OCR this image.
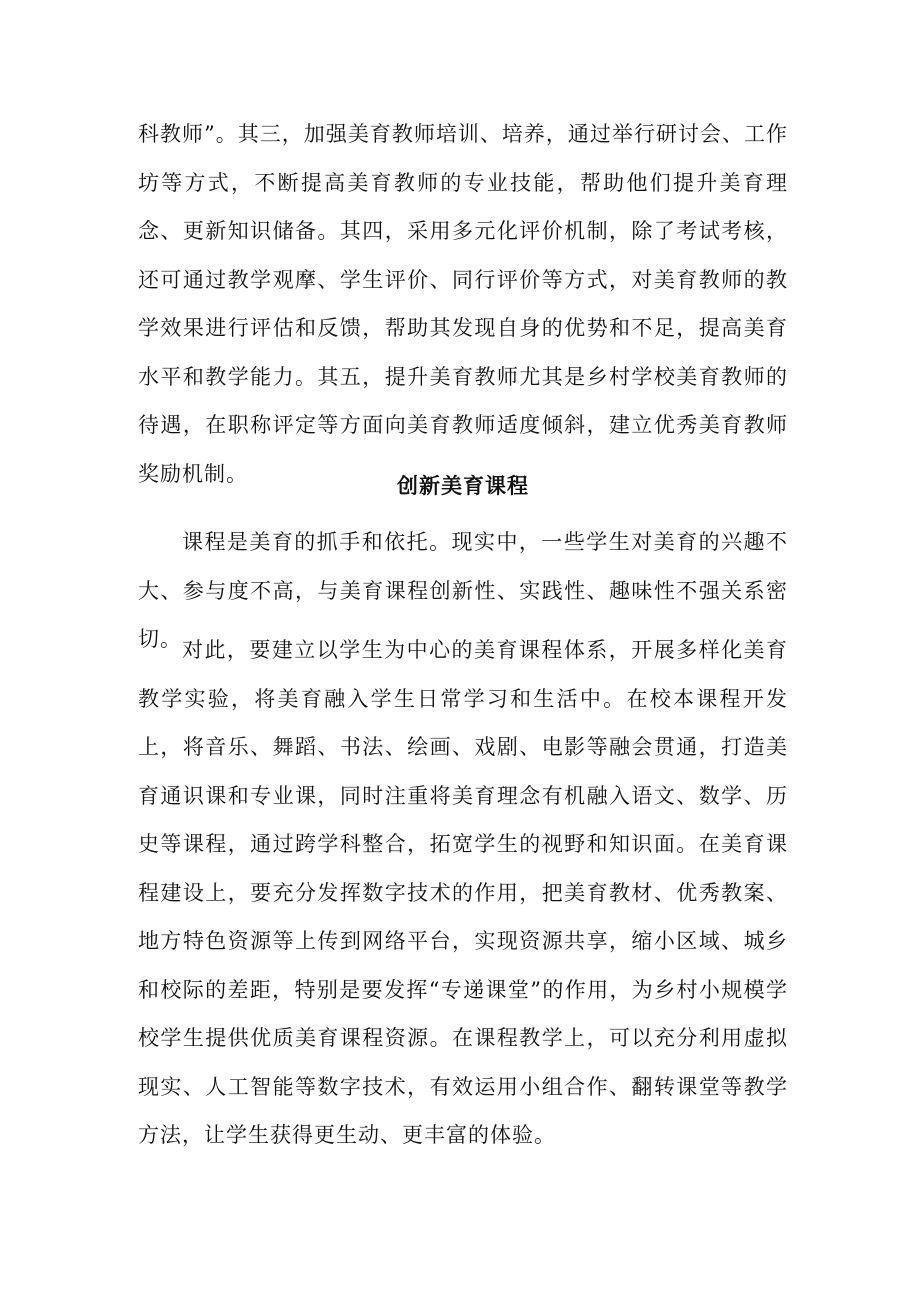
科教师”。其三，加强美育教师培训、培养，通过举行研讨会、工作坊等方式，不断提高美育教师的专业技能，帮助他们提升美育理念、更新知识储备。其四，采用多元化评价机制，除了考试考核，还可通过教学观摩、学生评价、同行评价等方式，对美育教师的教学效果进行评估和反馈，帮助其发现自身的优势和不足，提高美育水平和教学能力。其五，提升美育教师尤其是乡村学校美育教师的待遇，在职称评定等方面向美育教师适度倾斜，建立优秀美育教师奖励机制。	创新美育课程

课程是美育的抓手和依托。现实中，一些学生对美育的兴趣不大、参与度不高，与美育课程创新性、实践性、趣味性不强关系密切。 对此，要建立以学生为中心的美育课程体系，开展多样化美育教学实验，将美育融入学生日常学习和生活中。在校本课程开发上，将音乐、舞蹈、书法、绘画、戏剧、电影等融会贯通，打造美育通识课和专业课，同时注重将美育理念有机融入语文、数学、历史等课程，通过跨学科整合，拓宽学生的视野和知识面。在美育课程建设上，要充分发挥数字技术的作用，把美育教材、优秀教案、地方特色资源等上传到网络平台，实现资源共享，缩小区域、城乡和校际的差距，特别是要发挥“专递课堂”的作用，为乡村小规模学校学生提供优质美育课程资源。在课程教学上，可以充分利用虚拟现实、人工智能等数字技术，有效运用小组合作、翻转课堂等教学方法，让学生获得更生动、更丰富的体验。
